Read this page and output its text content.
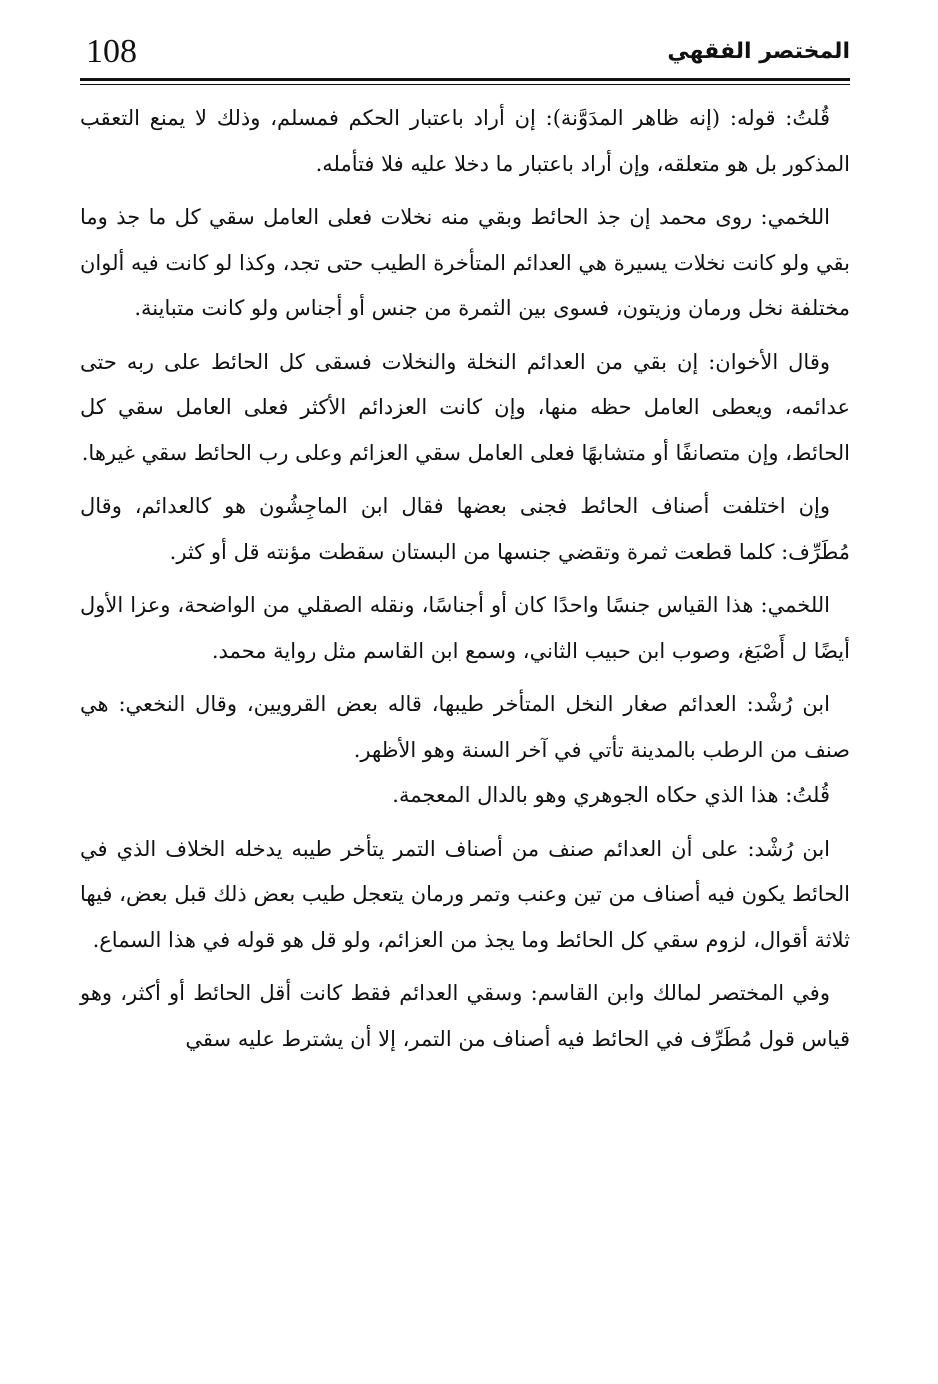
108	المختصر الفقهي

قُلتُ: قوله: (إنه ظاهر المدَوَّنة): إن أراد باعتبار الحكم فمسلم، وذلك لا يمنع التعقب المذكور بل هو متعلقه، وإن أراد باعتبار ما دخلا عليه فلا فتأمله.

اللخمي: روى محمد إن جذ الحائط وبقي منه نخلات فعلى العامل سقي كل ما جذ وما بقي ولو كانت نخلات يسيرة هي العدائم المتأخرة الطيب حتى تجد، وكذا لو كانت فيه ألوان مختلفة نخل ورمان وزيتون، فسوى بين الثمرة من جنس أو أجناس ولو كانت متباينة.

وقال الأخوان: إن بقي من العدائم النخلة والنخلات فسقى كل الحائط على ربه حتى عدائمه، ويعطى العامل حظه منها، وإن كانت العزدائم الأكثر فعلى العامل سقي كل الحائط، وإن متصانفًا أو متشابهًا فعلى العامل سقي العزائم وعلى رب الحائط سقي غيرها.

وإن اختلفت أصناف الحائط فجنى بعضها فقال ابن الماجِشُون هو كالعدائم، وقال مُطَرِّف: كلما قطعت ثمرة وتقضي جنسها من البستان سقطت مؤنته قل أو كثر.

اللخمي: هذا القياس جنسًا واحدًا كان أو أجناسًا، ونقله الصقلي من الواضحة، وعزا الأول أيضًا ل أَصْبَغ، وصوب ابن حبيب الثاني، وسمع ابن القاسم مثل رواية محمد.

ابن رُشْد: العدائم صغار النخل المتأخر طيبها، قاله بعض القرويين، وقال النخعي: هي صنف من الرطب بالمدينة تأتي في آخر السنة وهو الأظهر.

قُلتُ: هذا الذي حكاه الجوهري وهو بالدال المعجمة.

ابن رُشْد: على أن العدائم صنف من أصناف التمر يتأخر طيبه يدخله الخلاف الذي في الحائط يكون فيه أصناف من تين وعنب وتمر ورمان يتعجل طيب بعض ذلك قبل بعض، فيها ثلاثة أقوال، لزوم سقي كل الحائط وما يجذ من العزائم، ولو قل هو قوله في هذا السماع.

وفي المختصر لمالك وابن القاسم: وسقي العدائم فقط كانت أقل الحائط أو أكثر، وهو قياس قول مُطَرِّف في الحائط فيه أصناف من التمر، إلا أن يشترط عليه سقي
